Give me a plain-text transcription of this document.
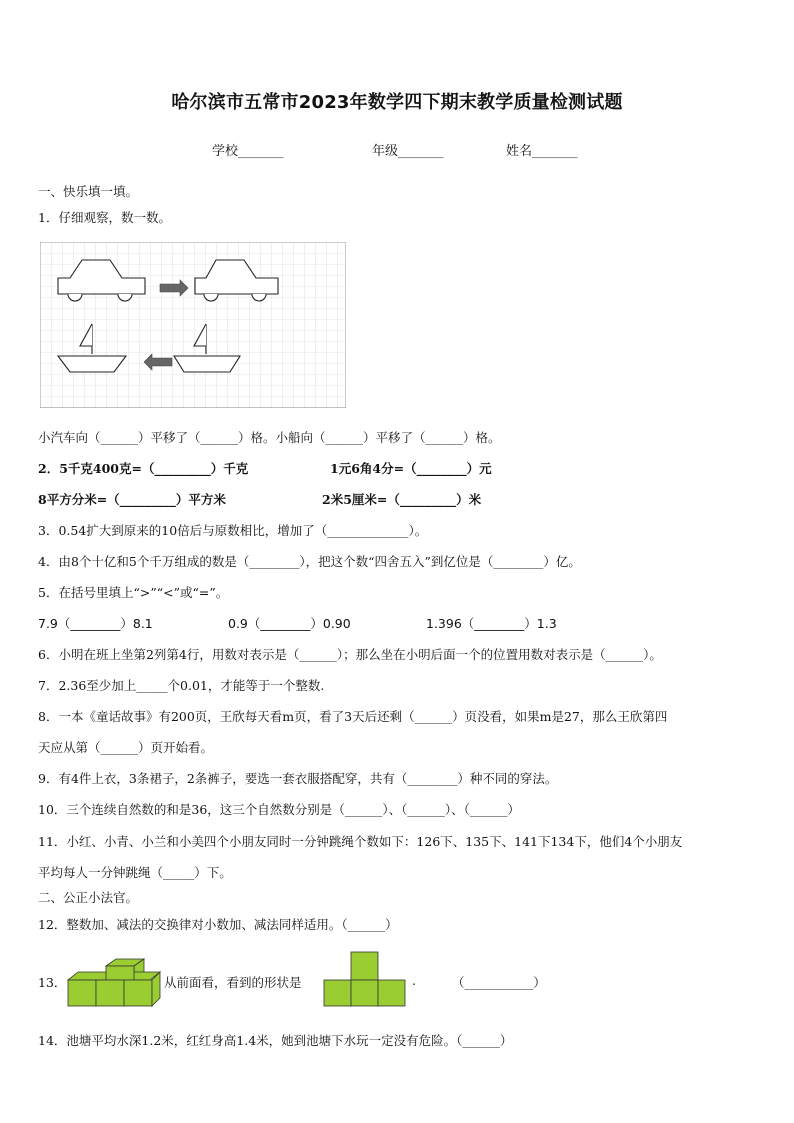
哈尔滨市五常市2023年数学四下期末教学质量检测试题
学校_______	年级_______	姓名_______
一、快乐填一填。
1．仔细观察，数一数。
小汽车向（______）平移了（______）格。小船向（______）平移了（______）格。
2．5千克400克=（_________）千克	1元6角4分=（________）元
8平方分米=（_________）平方米	2米5厘米=（_________）米
3．0.54扩大到原来的10倍后与原数相比，增加了（_____________）。
4．由8个十亿和5个千万组成的数是（________），把这个数“四舍五入”到亿位是（________）亿。
5．在括号里填上“>”“<”或“=”。
7.9（________）8.1	0.9（________）0.90	1.396（________）1.3
6．小明在班上坐第2列第4行，用数对表示是（______）；那么坐在小明后面一个的位置用数对表示是（______）。
7．2.36至少加上_____个0.01，才能等于一个整数.
8．一本《童话故事》有200页，王欣每天看m页，看了3天后还剩（______）页没看，如果m是27，那么王欣第四
天应从第（______）页开始看。
9．有4件上衣，3条裙子，2条裤子，要选一套衣服搭配穿，共有（________）种不同的穿法。
10．三个连续自然数的和是36，这三个自然数分别是（______）、（______）、（______）
11．小红、小青、小兰和小美四个小朋友同时一分钟跳绳个数如下：126下、135下、141下134下，他们4个小朋友
平均每人一分钟跳绳（_____）下。
二、公正小法官。
12．整数加、减法的交换律对小数加、减法同样适用。（______）
13．	从前面看，看到的形状是	.	（___________）
14．池塘平均水深1.2米，红红身高1.4米，她到池塘下水玩一定没有危险。（______）
